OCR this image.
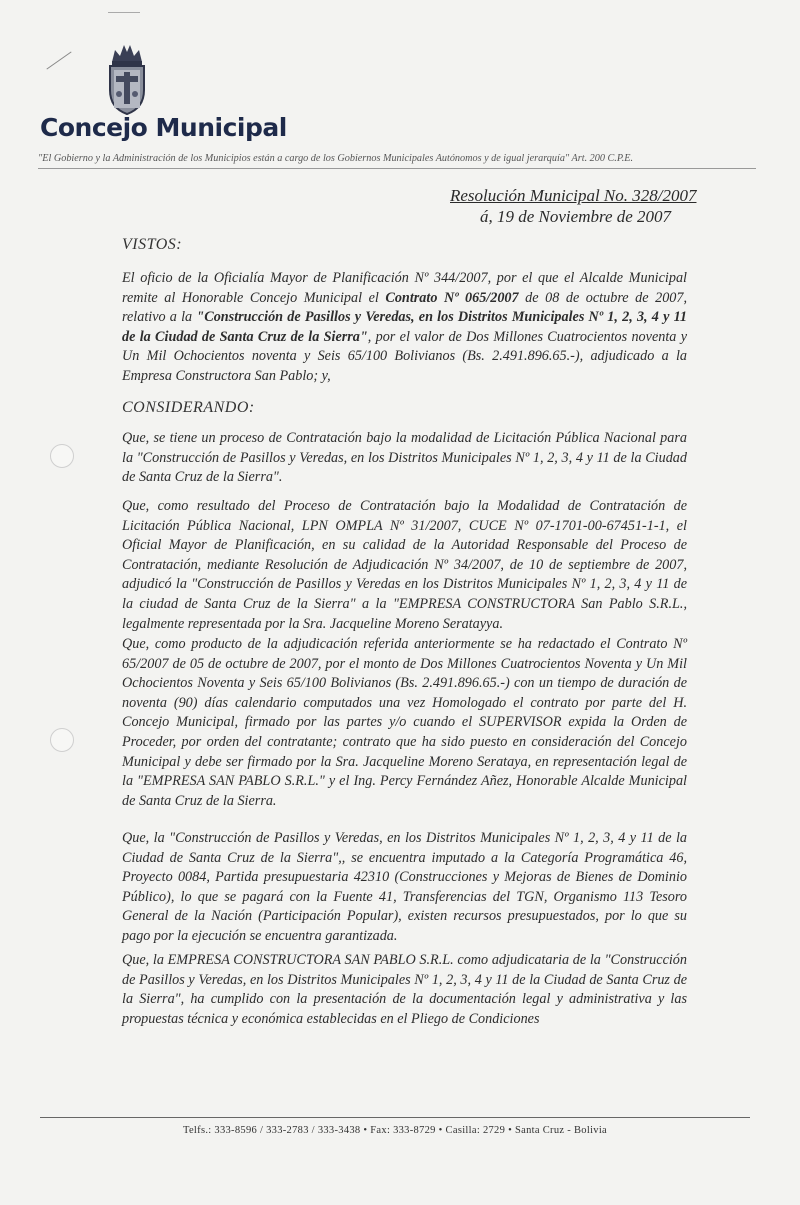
Concejo Municipal
"El Gobierno y la Administración de los Municipios están a cargo de los Gobiernos Municipales Autónomos y de igual jerarquía" Art. 200 C.P.E.
Resolución Municipal No. 328/2007
á, 19 de Noviembre de 2007
VISTOS:
El oficio de la Oficialía Mayor de Planificación Nº 344/2007, por el que el Alcalde Municipal remite al Honorable Concejo Municipal el Contrato Nº 065/2007 de 08 de octubre de 2007, relativo a la "Construcción de Pasillos y Veredas, en los Distritos Municipales Nº 1, 2, 3, 4 y 11 de la Ciudad de Santa Cruz de la Sierra", por el valor de Dos Millones Cuatrocientos noventa y Un Mil Ochocientos noventa y Seis 65/100 Bolivianos (Bs. 2.491.896.65.-), adjudicado a la Empresa Constructora San Pablo; y,
CONSIDERANDO:
Que, se tiene un proceso de Contratación bajo la modalidad de Licitación Pública Nacional para la "Construcción de Pasillos y Veredas, en los Distritos Municipales Nº 1, 2, 3, 4 y 11 de la Ciudad de Santa Cruz de la Sierra".
Que, como resultado del Proceso de Contratación bajo la Modalidad de Contratación de Licitación Pública Nacional, LPN OMPLA Nº 31/2007, CUCE Nº 07-1701-00-67451-1-1, el Oficial Mayor de Planificación, en su calidad de la Autoridad Responsable del Proceso de Contratación, mediante Resolución de Adjudicación Nº 34/2007, de 10 de septiembre de 2007, adjudicó la "Construcción de Pasillos y Veredas en los Distritos Municipales Nº 1, 2, 3, 4 y 11 de la ciudad de Santa Cruz de la Sierra" a la "EMPRESA CONSTRUCTORA San Pablo S.R.L., legalmente representada por la Sra. Jacqueline Moreno Seratayya.
Que, como producto de la adjudicación referida anteriormente se ha redactado el Contrato Nº 65/2007 de 05 de octubre de 2007, por el monto de Dos Millones Cuatrocientos Noventa y Un Mil Ochocientos Noventa y Seis 65/100 Bolivianos (Bs. 2.491.896.65.-) con un tiempo de duración de noventa (90) días calendario computados una vez Homologado el contrato por parte del H. Concejo Municipal, firmado por las partes y/o cuando el SUPERVISOR expida la Orden de Proceder, por orden del contratante; contrato que ha sido puesto en consideración del Concejo Municipal y debe ser firmado por la Sra. Jacqueline Moreno Serataya, en representación legal de la "EMPRESA SAN PABLO S.R.L." y el Ing. Percy Fernández Añez, Honorable Alcalde Municipal de Santa Cruz de la Sierra.
Que, la "Construcción de Pasillos y Veredas, en los Distritos Municipales Nº 1, 2, 3, 4 y 11 de la Ciudad de Santa Cruz de la Sierra",, se encuentra imputado a la Categoría Programática 46, Proyecto 0084, Partida presupuestaria 42310 (Construcciones y Mejoras de Bienes de Dominio Público), lo que se pagará con la Fuente 41, Transferencias del TGN, Organismo 113 Tesoro General de la Nación (Participación Popular), existen recursos presupuestados, por lo que su pago por la ejecución se encuentra garantizada.
Que, la EMPRESA CONSTRUCTORA SAN PABLO S.R.L. como adjudicataria de la "Construcción de Pasillos y Veredas, en los Distritos Municipales Nº 1, 2, 3, 4 y 11 de la Ciudad de Santa Cruz de la Sierra", ha cumplido con la presentación de la documentación legal y administrativa y las propuestas técnica y económica establecidas en el Pliego de Condiciones
Telfs.: 333-8596 / 333-2783 / 333-3438 • Fax: 333-8729 • Casilla: 2729 • Santa Cruz - Bolivia
